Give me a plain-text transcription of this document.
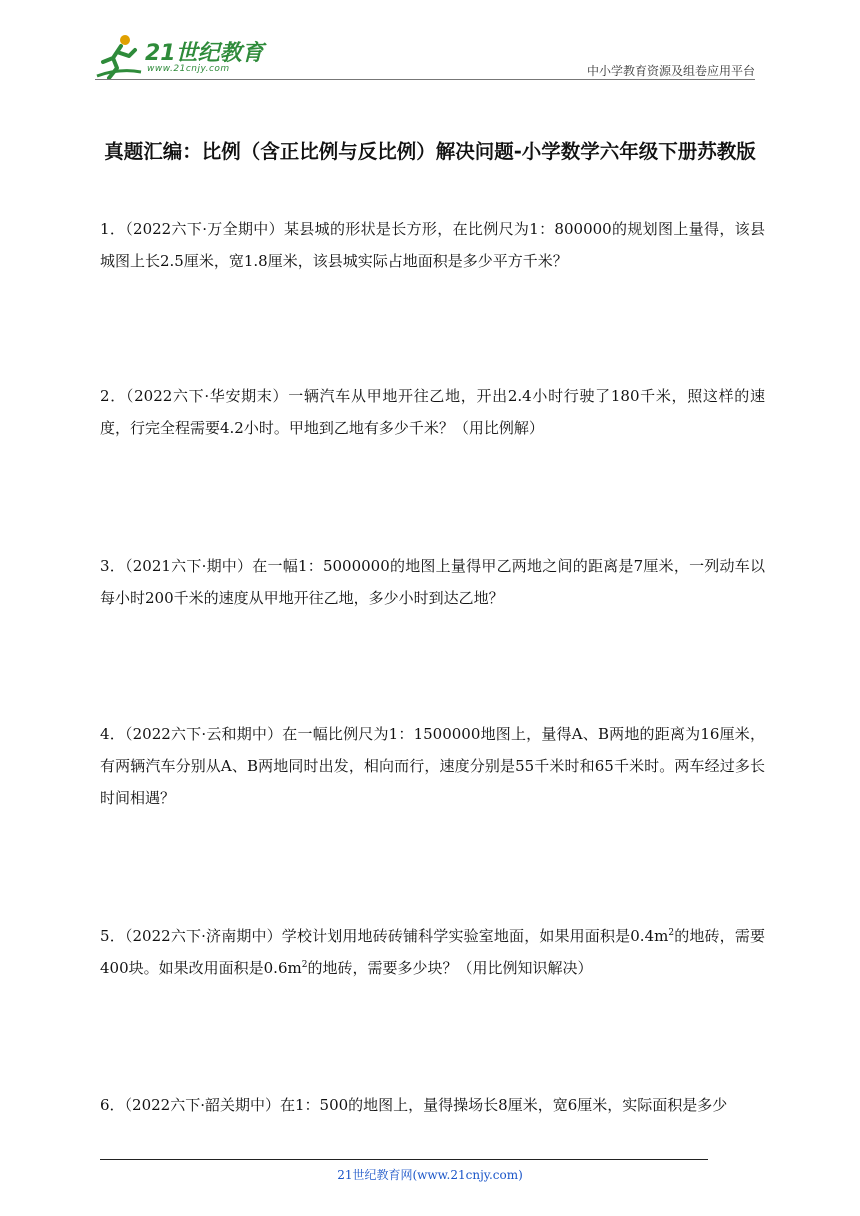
21世纪教育
www.21cnjy.com	中小学教育资源及组卷应用平台
真题汇编：比例（含正比例与反比例）解决问题-小学数学六年级下册苏教版
1．（2022六下·万全期中）某县城的形状是长方形，在比例尺为1：800000的规划图上量得，该县城图上长2.5厘米，宽1.8厘米，该县城实际占地面积是多少平方千米？
2．（2022六下·华安期末）一辆汽车从甲地开往乙地，开出2.4小时行驶了180千米，照这样的速度，行完全程需要4.2小时。甲地到乙地有多少千米？（用比例解）
3．（2021六下·期中）在一幅1：5000000的地图上量得甲乙两地之间的距离是7厘米，一列动车以每小时200千米的速度从甲地开往乙地，多少小时到达乙地？
4．（2022六下·云和期中）在一幅比例尺为1：1500000地图上，量得A、B两地的距离为16厘米，有两辆汽车分别从A、B两地同时出发，相向而行，速度分别是55千米时和65千米时。两车经过多长时间相遇？
5．（2022六下·济南期中）学校计划用地砖砖铺科学实验室地面，如果用面积是$0.4m^2$的地砖，需要400块。如果改用面积是$0.6m^2$的地砖，需要多少块？（用比例知识解决）
6．（2022六下·韶关期中）在1：500的地图上，量得操场长8厘米，宽6厘米，实际面积是多少
21世纪教育网(www.21cnjy.com)
